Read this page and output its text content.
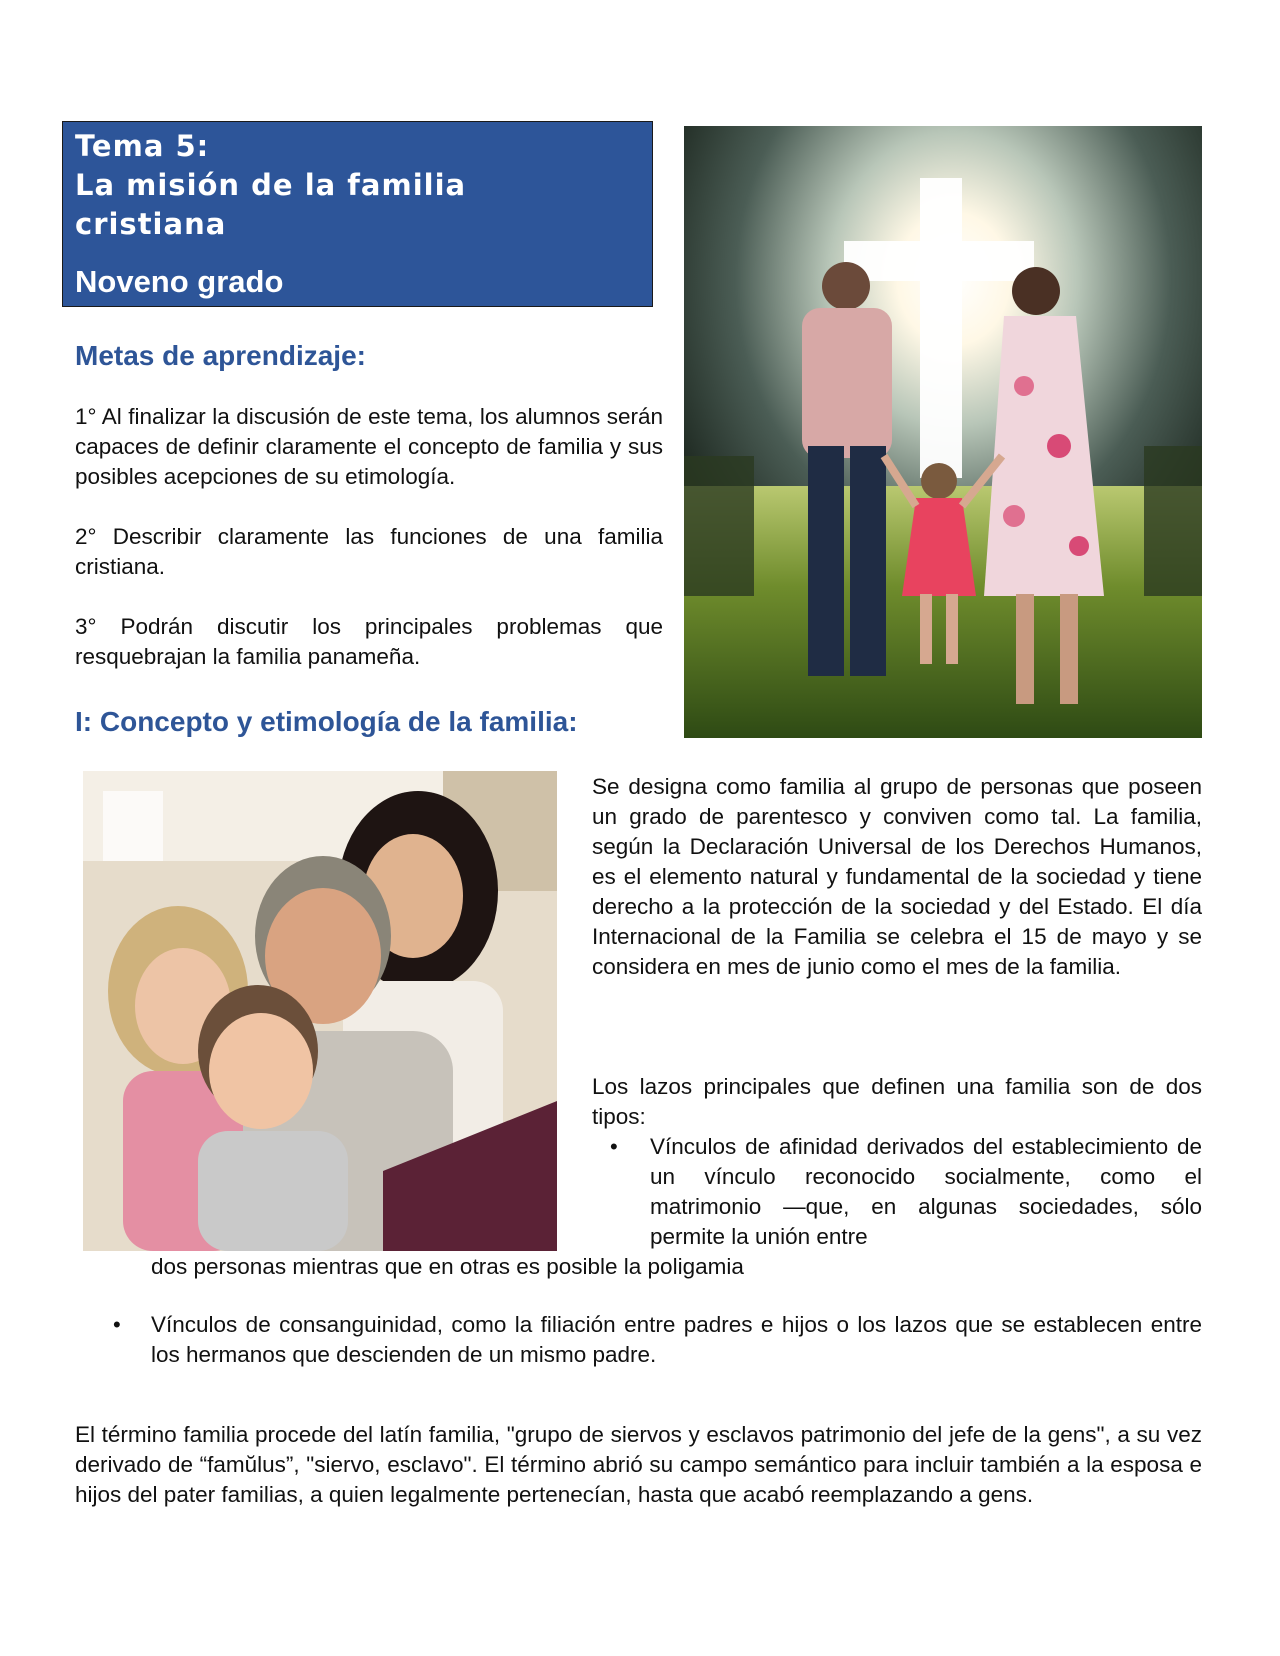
Tema 5:
La misión de la familia
cristiana
Noveno grado
Metas de aprendizaje:

1° Al finalizar la discusión de este tema, los alumnos serán capaces de definir claramente el concepto de familia y sus posibles acepciones de su etimología.

2° Describir claramente las funciones de una familia cristiana.

3° Podrán discutir los principales problemas que resquebrajan la familia panameña.

I: Concepto y etimología de la familia:

Se designa como familia al grupo de personas que poseen un grado de parentesco y conviven como tal. La familia, según la Declaración Universal de los Derechos Humanos, es el elemento natural y fundamental de la sociedad y tiene derecho a la protección de la sociedad y del Estado. El día Internacional de la Familia se celebra el 15 de mayo y se considera en mes de junio como el mes de la familia.

Los lazos principales que definen una familia son de dos tipos:

• Vínculos de afinidad derivados del establecimiento de un vínculo reconocido socialmente, como el matrimonio —que, en algunas sociedades, sólo permite la unión entre

dos personas mientras que en otras es posible la poligamia

• Vínculos de consanguinidad, como la filiación entre padres e hijos o los lazos que se establecen entre los hermanos que descienden de un mismo padre.

El término familia procede del latín familia, "grupo de siervos y esclavos patrimonio del jefe de la gens", a su vez derivado de “famŭlus”, "siervo, esclavo". El término abrió su campo semántico para incluir también a la esposa e hijos del pater familias, a quien legalmente pertenecían, hasta que acabó reemplazando a gens.
